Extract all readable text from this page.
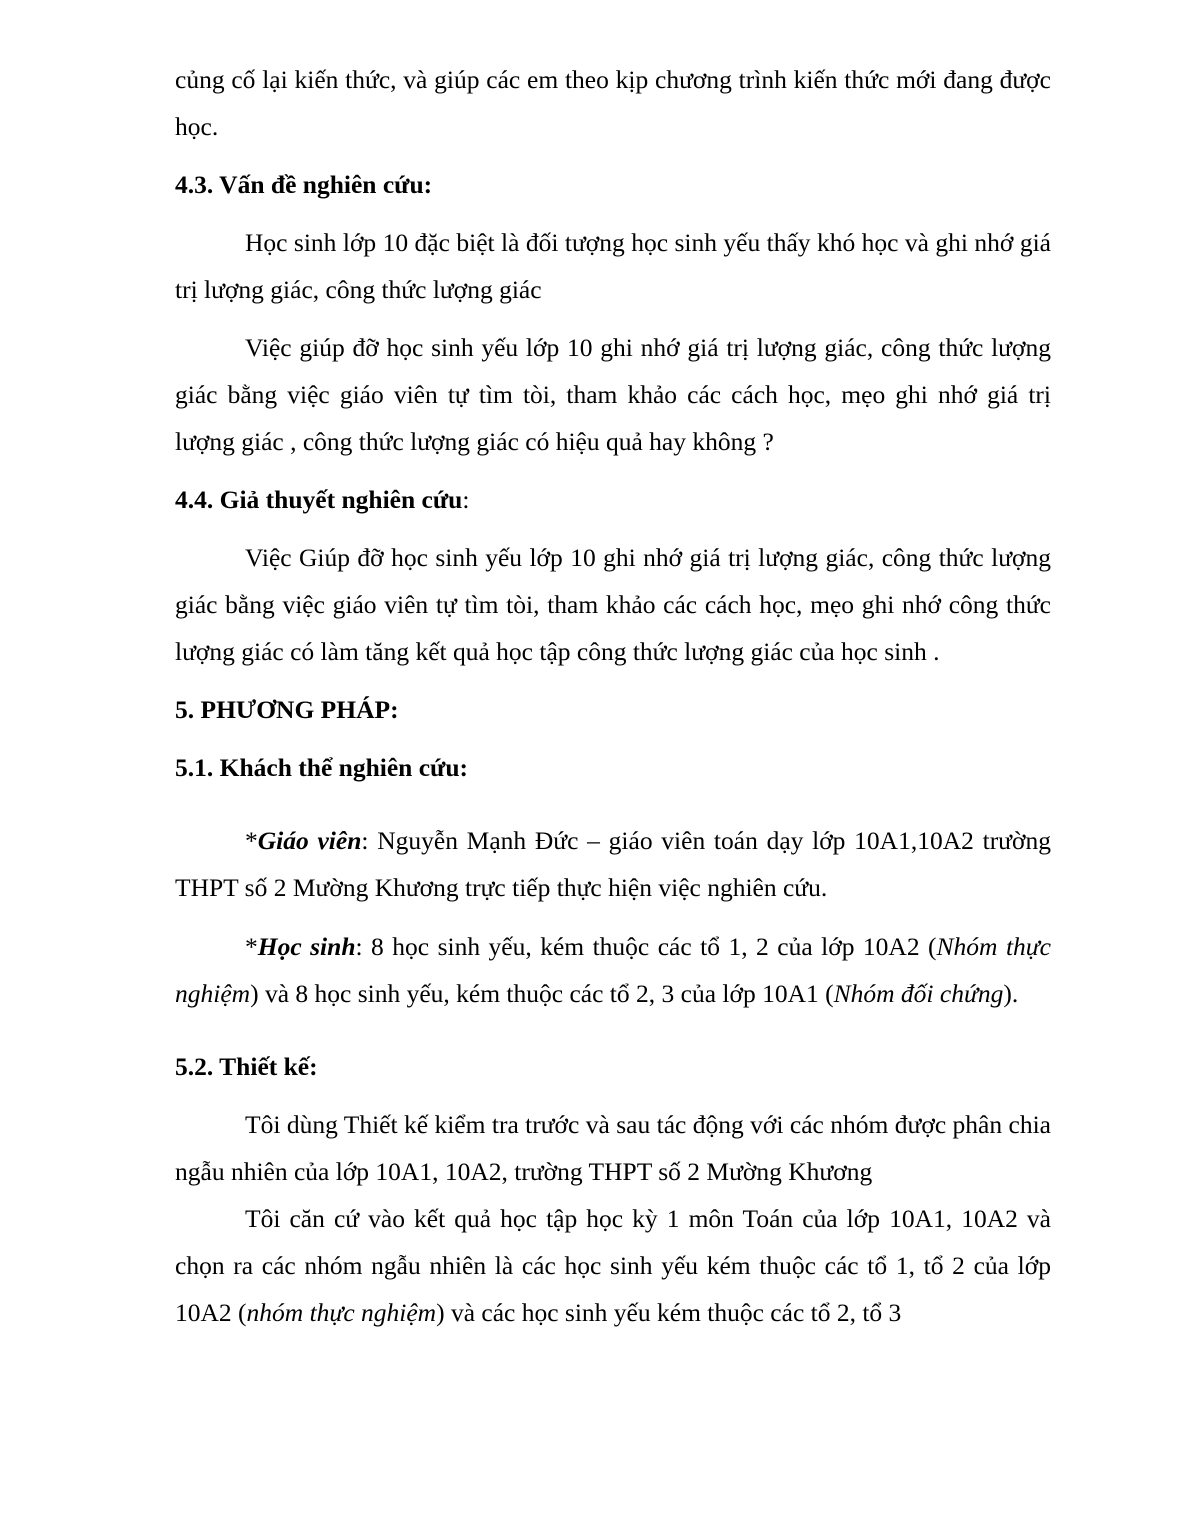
củng cố lại kiến thức, và giúp các em theo kịp chương trình kiến thức mới đang được học.

4.3. Vấn đề nghiên cứu:

Học sinh lớp 10 đặc biệt là đối tượng học sinh yếu thấy khó học và ghi nhớ giá trị lượng giác, công thức lượng giác

Việc giúp đỡ học sinh yếu lớp 10 ghi nhớ giá trị lượng giác, công thức lượng giác bằng việc giáo viên tự tìm tòi, tham khảo các cách học, mẹo ghi nhớ giá trị lượng giác , công thức lượng giác có hiệu quả hay không ?

4.4. Giả thuyết nghiên cứu:

Việc Giúp đỡ học sinh yếu lớp 10 ghi nhớ giá trị lượng giác, công thức lượng giác bằng việc giáo viên tự tìm tòi, tham khảo các cách học, mẹo ghi nhớ công thức lượng giác có làm tăng kết quả học tập công thức lượng giác của học sinh .

5. PHƯƠNG PHÁP:

5.1. Khách thể nghiên cứu:

*Giáo viên: Nguyễn Mạnh Đức – giáo viên toán dạy lớp 10A1,10A2 trường THPT số 2 Mường Khương trực tiếp thực hiện việc nghiên cứu.

*Học sinh: 8 học sinh yếu, kém thuộc các tổ 1, 2 của lớp 10A2 (Nhóm thực nghiệm) và 8 học sinh yếu, kém thuộc các tổ 2, 3 của lớp 10A1 (Nhóm đối chứng).

5.2. Thiết kế:

Tôi dùng Thiết kế kiểm tra trước và sau tác động với các nhóm được phân chia ngẫu nhiên của lớp 10A1, 10A2, trường THPT số 2 Mường Khương

Tôi căn cứ vào kết quả học tập học kỳ 1 môn Toán của lớp 10A1, 10A2 và chọn ra các nhóm ngẫu nhiên là các học sinh yếu kém thuộc các tổ 1, tổ 2 của lớp 10A2 (nhóm thực nghiệm) và các học sinh yếu kém thuộc các tổ 2, tổ 3
